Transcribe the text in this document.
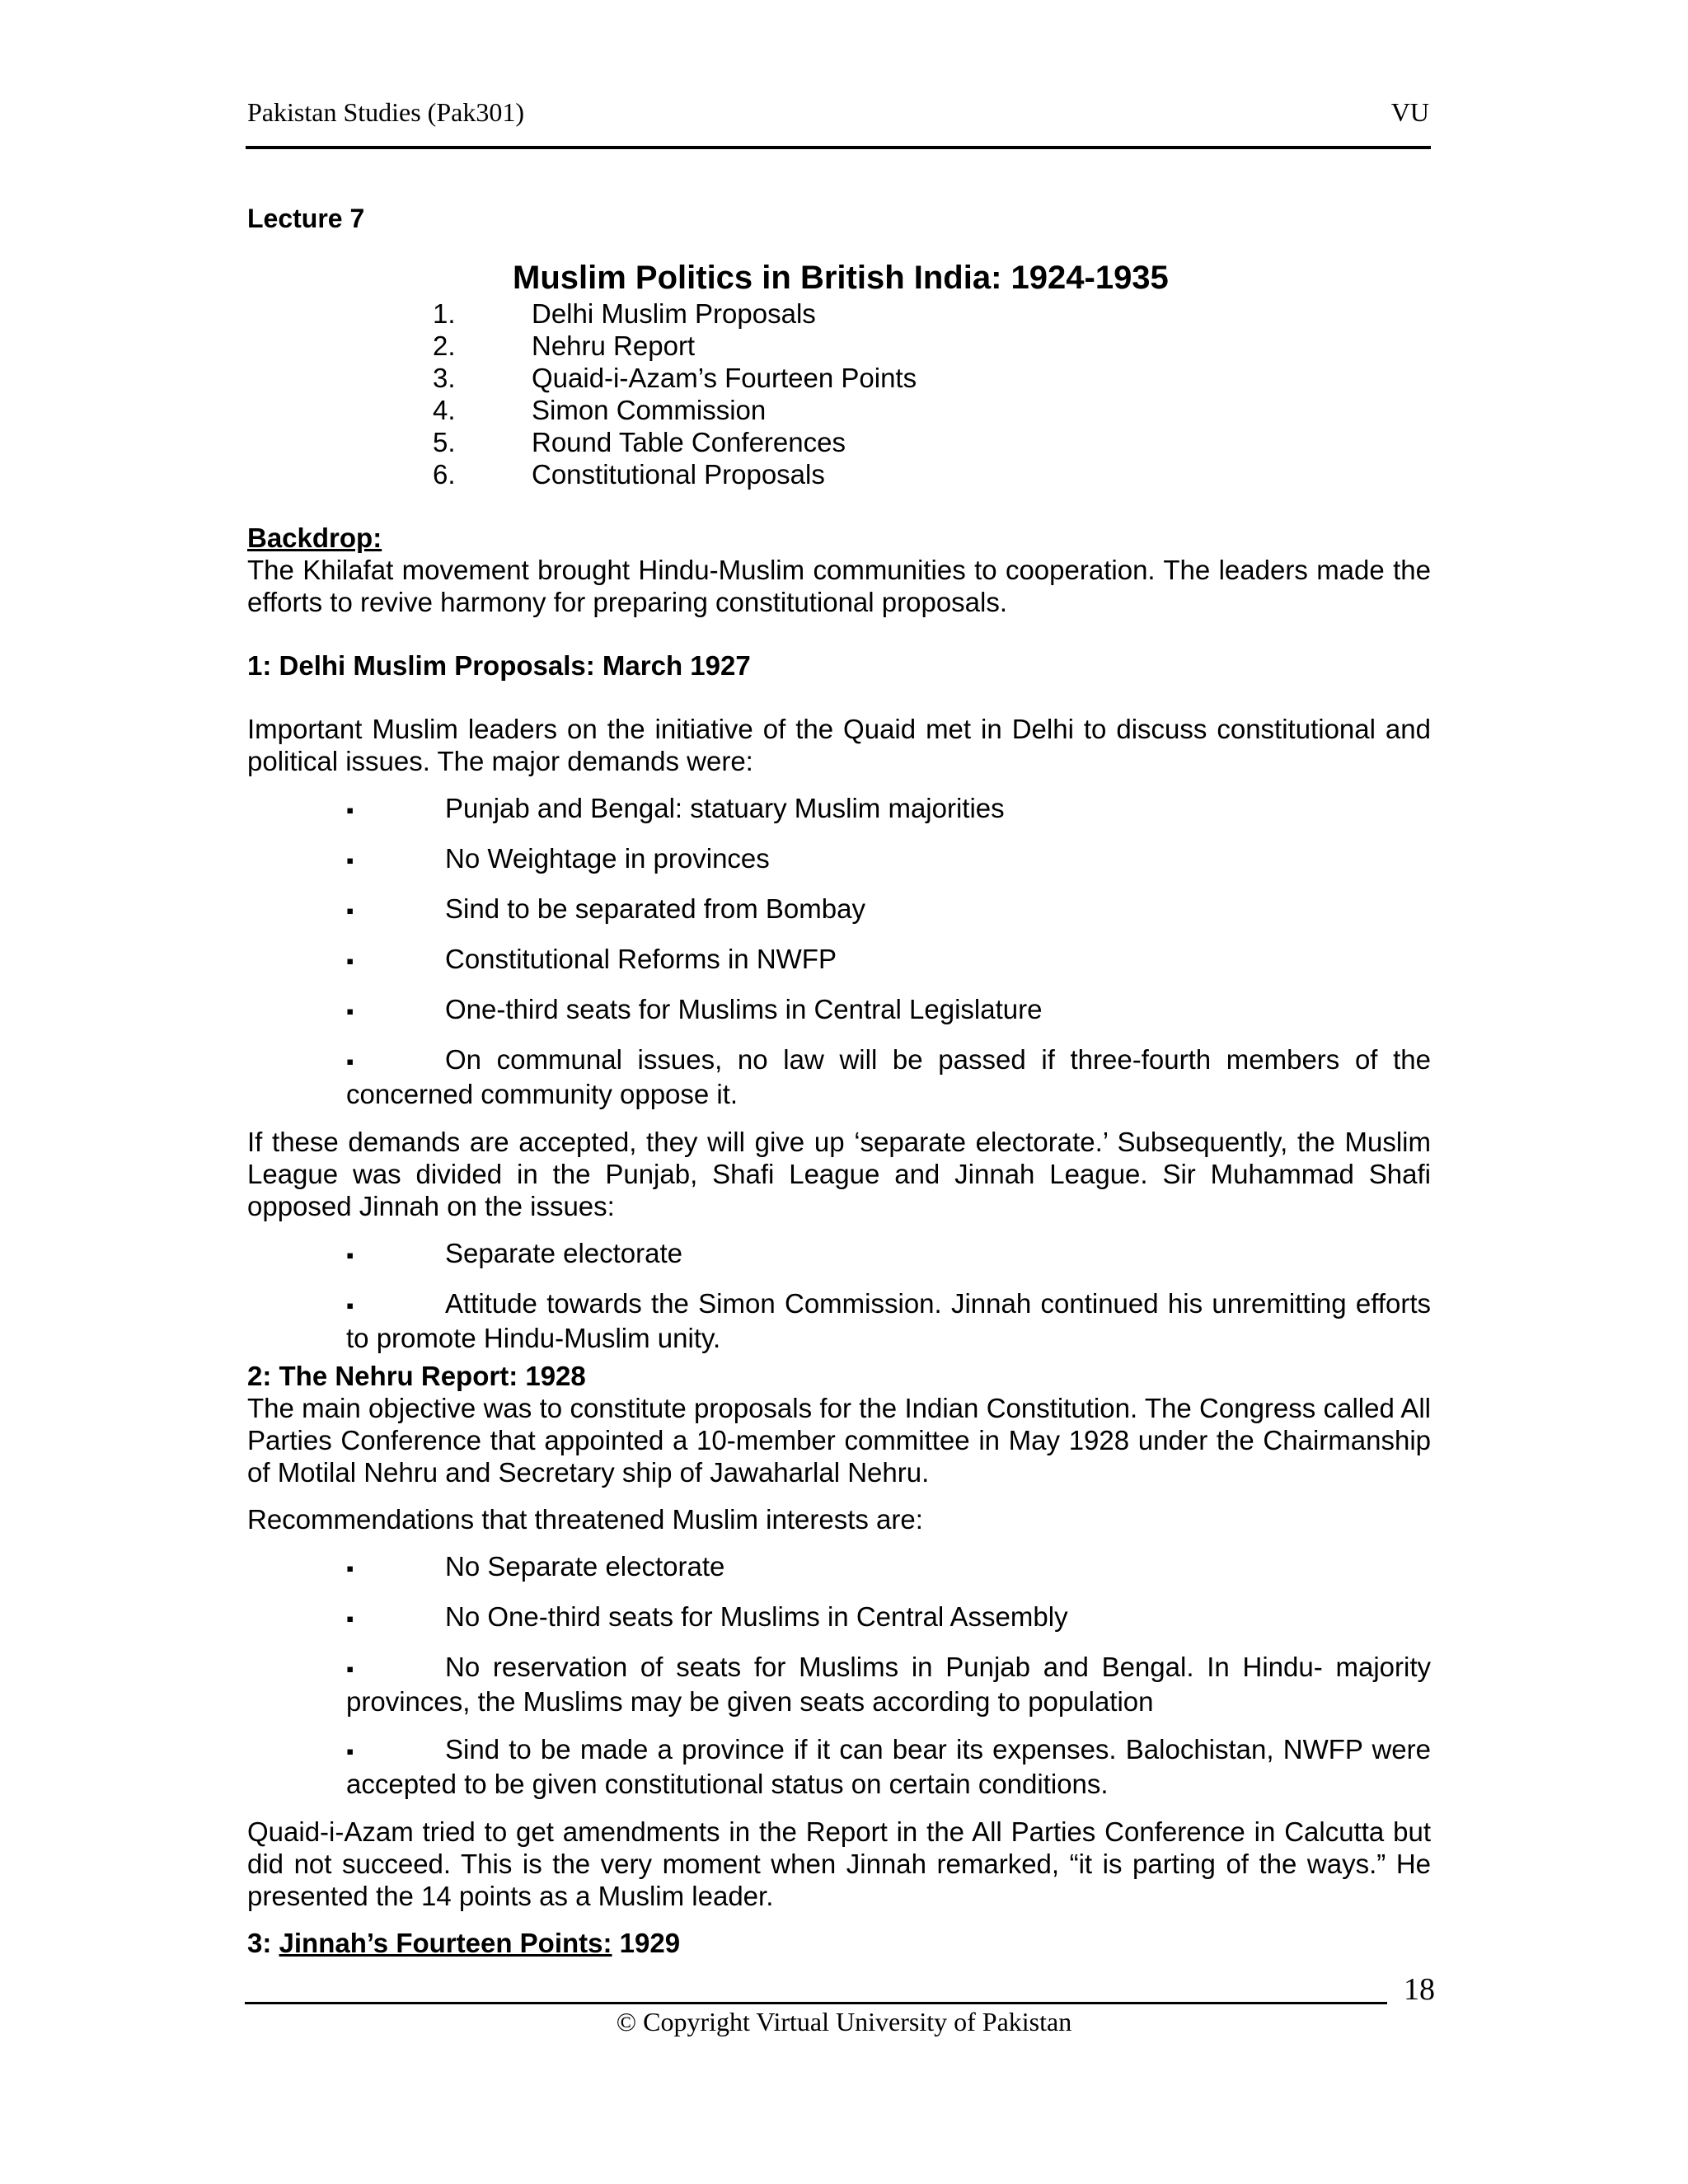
Pakistan Studies (Pak301)	VU
Lecture 7
Muslim Politics in British India: 1924-1935
1.	Delhi Muslim Proposals
2.	Nehru Report
3.	Quaid-i-Azam’s Fourteen Points
4.	Simon Commission
5.	Round Table Conferences
6.	Constitutional Proposals
Backdrop:

The Khilafat movement brought Hindu-Muslim communities to cooperation. The leaders made the efforts to revive harmony for preparing constitutional proposals.

1: Delhi Muslim Proposals: March 1927

Important Muslim leaders on the initiative of the Quaid met in Delhi to discuss constitutional and political issues. The major demands were:

▪ Punjab and Bengal: statuary Muslim majorities
▪ No Weightage in provinces
▪ Sind to be separated from Bombay
▪ Constitutional Reforms in NWFP
▪ One-third seats for Muslims in Central Legislature
▪ On communal issues, no law will be passed if three-fourth members of the concerned community oppose it.

If these demands are accepted, they will give up ‘separate electorate.’ Subsequently, the Muslim League was divided in the Punjab, Shafi League and Jinnah League. Sir Muhammad Shafi opposed Jinnah on the issues:

▪ Separate electorate
▪ Attitude towards the Simon Commission. Jinnah continued his unremitting efforts to promote Hindu-Muslim unity.
2: The Nehru Report: 1928

The main objective was to constitute proposals for the Indian Constitution. The Congress called All Parties Conference that appointed a 10-member committee in May 1928 under the Chairmanship of Motilal Nehru and Secretary ship of Jawaharlal Nehru.

Recommendations that threatened Muslim interests are:

▪ No Separate electorate
▪ No One-third seats for Muslims in Central Assembly
▪ No reservation of seats for Muslims in Punjab and Bengal. In Hindu- majority provinces, the Muslims may be given seats according to population
▪ Sind to be made a province if it can bear its expenses. Balochistan, NWFP were accepted to be given constitutional status on certain conditions.

Quaid-i-Azam tried to get amendments in the Report in the All Parties Conference in Calcutta but did not succeed. This is the very moment when Jinnah remarked, “it is parting of the ways.” He presented the 14 points as a Muslim leader.

3: Jinnah’s Fourteen Points: 1929
18
© Copyright Virtual University of Pakistan
